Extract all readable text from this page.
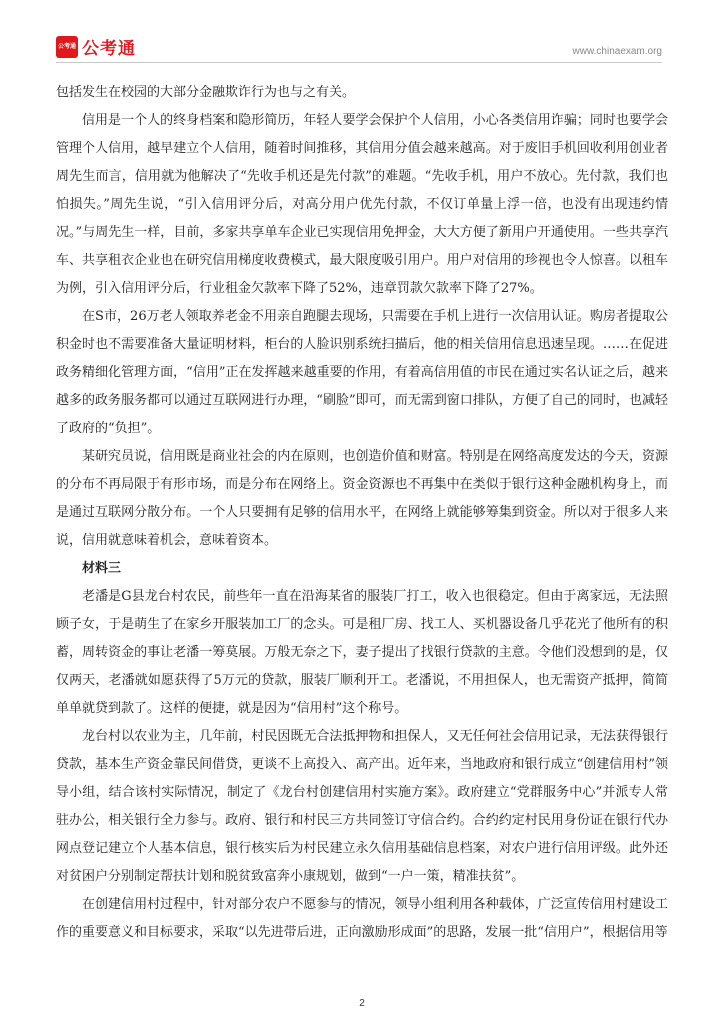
公考通 公考通	www.chinaexam.org

包括发生在校园的大部分金融欺诈行为也与之有关。

信用是一个人的终身档案和隐形简历，年轻人要学会保护个人信用，小心各类信用诈骗；同时也要学会管理个人信用，越早建立个人信用，随着时间推移，其信用分值会越来越高。对于废旧手机回收利用创业者周先生而言，信用就为他解决了“先收手机还是先付款”的难题。“先收手机，用户不放心。先付款，我们也怕损失。”周先生说，“引入信用评分后，对高分用户优先付款，不仅订单量上浮一倍，也没有出现违约情况。”与周先生一样，目前，多家共享单车企业已实现信用免押金，大大方便了新用户开通使用。一些共享汽车、共享租衣企业也在研究信用梯度收费模式，最大限度吸引用户。用户对信用的珍视也令人惊喜。以租车为例，引入信用评分后，行业租金欠款率下降了52%，违章罚款欠款率下降了27%。

在S市，26万老人领取养老金不用亲自跑腿去现场，只需要在手机上进行一次信用认证。购房者提取公积金时也不需要准备大量证明材料，柜台的人脸识别系统扫描后，他的相关信用信息迅速呈现。……在促进政务精细化管理方面，“信用”正在发挥越来越重要的作用，有着高信用值的市民在通过实名认证之后，越来越多的政务服务都可以通过互联网进行办理，“刷脸”即可，而无需到窗口排队，方便了自己的同时，也减轻了政府的“负担”。

某研究员说，信用既是商业社会的内在原则，也创造价值和财富。特别是在网络高度发达的今天，资源的分布不再局限于有形市场，而是分布在网络上。资金资源也不再集中在类似于银行这种金融机构身上，而是通过互联网分散分布。一个人只要拥有足够的信用水平，在网络上就能够筹集到资金。所以对于很多人来说，信用就意味着机会，意味着资本。

材料三

老潘是G县龙台村农民，前些年一直在沿海某省的服装厂打工，收入也很稳定。但由于离家远，无法照顾子女，于是萌生了在家乡开服装加工厂的念头。可是租厂房、找工人、买机器设备几乎花光了他所有的积蓄，周转资金的事让老潘一筹莫展。万般无奈之下，妻子提出了找银行贷款的主意。令他们没想到的是，仅仅两天，老潘就如愿获得了5万元的贷款，服装厂顺利开工。老潘说，不用担保人，也无需资产抵押，简简单单就贷到款了。这样的便捷，就是因为“信用村”这个称号。

龙台村以农业为主，几年前，村民因既无合法抵押物和担保人，又无任何社会信用记录，无法获得银行贷款，基本生产资金靠民间借贷，更谈不上高投入、高产出。近年来，当地政府和银行成立“创建信用村”领导小组，结合该村实际情况，制定了《龙台村创建信用村实施方案》。政府建立“党群服务中心”并派专人常驻办公，相关银行全力参与。政府、银行和村民三方共同签订守信合约。合约约定村民用身份证在银行代办网点登记建立个人基本信息，银行核实后为村民建立永久信用基础信息档案，对农户进行信用评级。此外还对贫困户分别制定帮扶计划和脱贫致富奔小康规划，做到“一户一策，精准扶贫”。

在创建信用村过程中，针对部分农户不愿参与的情况，领导小组利用各种载体，广泛宣传信用村建设工作的重要意义和目标要求，采取“以先进带后进，正向激励形成面”的思路，发展一批“信用户”，根据信用等

2
